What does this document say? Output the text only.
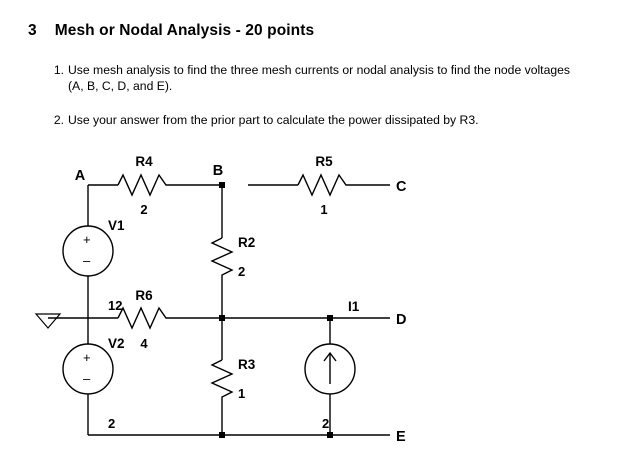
3 Mesh or Nodal Analysis - 20 points
1. Use mesh analysis to find the three mesh currents or nodal analysis to find the node voltages
(A, B, C, D, and E).
2. Use your answer from the prior part to calculate the power dissipated by R3.
+
–
+
–
A	B
C
D
E
R4
2
R5
1
R2
2
R6
4
R3
1
V1
12
V2
2
I1
2
